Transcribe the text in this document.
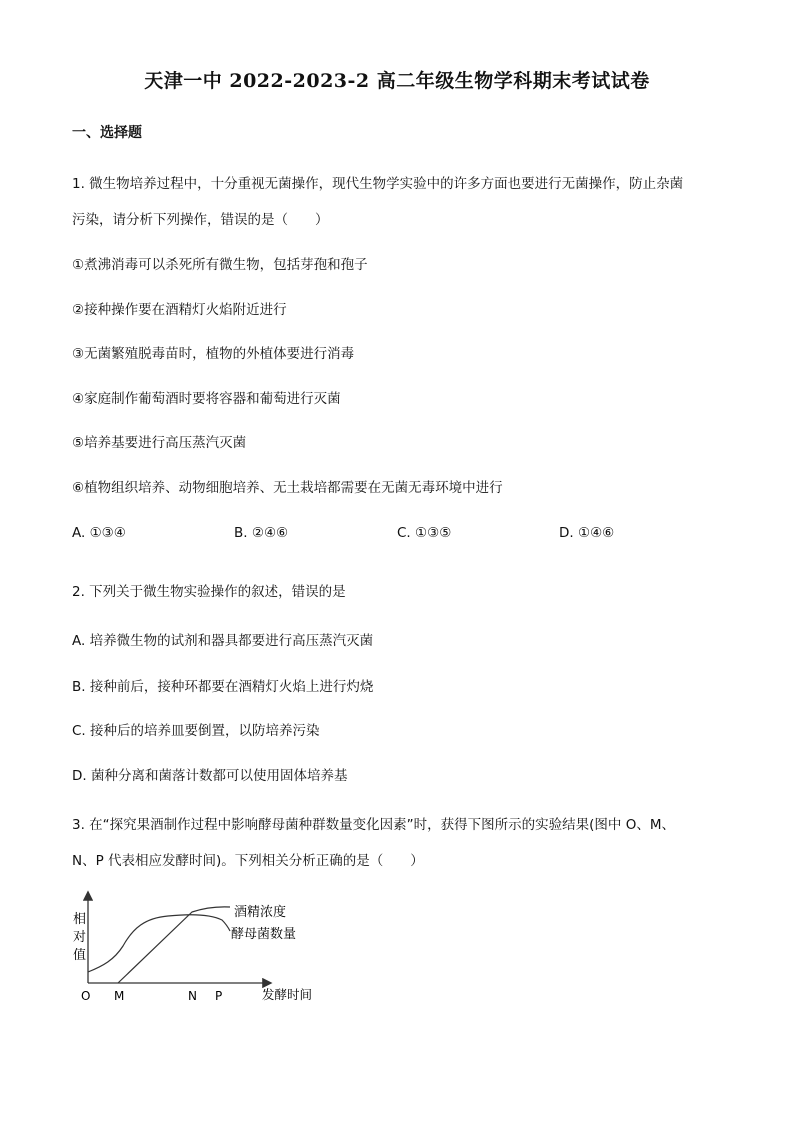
天津一中 2022-2023-2 高二年级生物学科期末考试试卷
一、选择题
1. 微生物培养过程中，十分重视无菌操作，现代生物学实验中的许多方面也要进行无菌操作，防止杂菌
污染，请分析下列操作，错误的是（　　）
①煮沸消毒可以杀死所有微生物，包括芽孢和孢子
②接种操作要在酒精灯火焰附近进行
③无菌繁殖脱毒苗时，植物的外植体要进行消毒
④家庭制作葡萄酒时要将容器和葡萄进行灭菌
⑤培养基要进行高压蒸汽灭菌
⑥植物组织培养、动物细胞培养、无土栽培都需要在无菌无毒环境中进行
A. ①③④	B. ②④⑥	C. ①③⑤	D. ①④⑥
2. 下列关于微生物实验操作的叙述，错误的是
A. 培养微生物的试剂和器具都要进行高压蒸汽灭菌
B. 接种前后，接种环都要在酒精灯火焰上进行灼烧
C. 接种后的培养皿要倒置，以防培养污染
D. 菌种分离和菌落计数都可以使用固体培养基
3. 在“探究果酒制作过程中影响酵母菌种群数量变化因素”时，获得下图所示的实验结果(图中 O、M、
N、P 代表相应发酵时间)。下列相关分析正确的是（　　）
相
对
值
O M	N P	发酵时间
酒精浓度
酵母菌数量
